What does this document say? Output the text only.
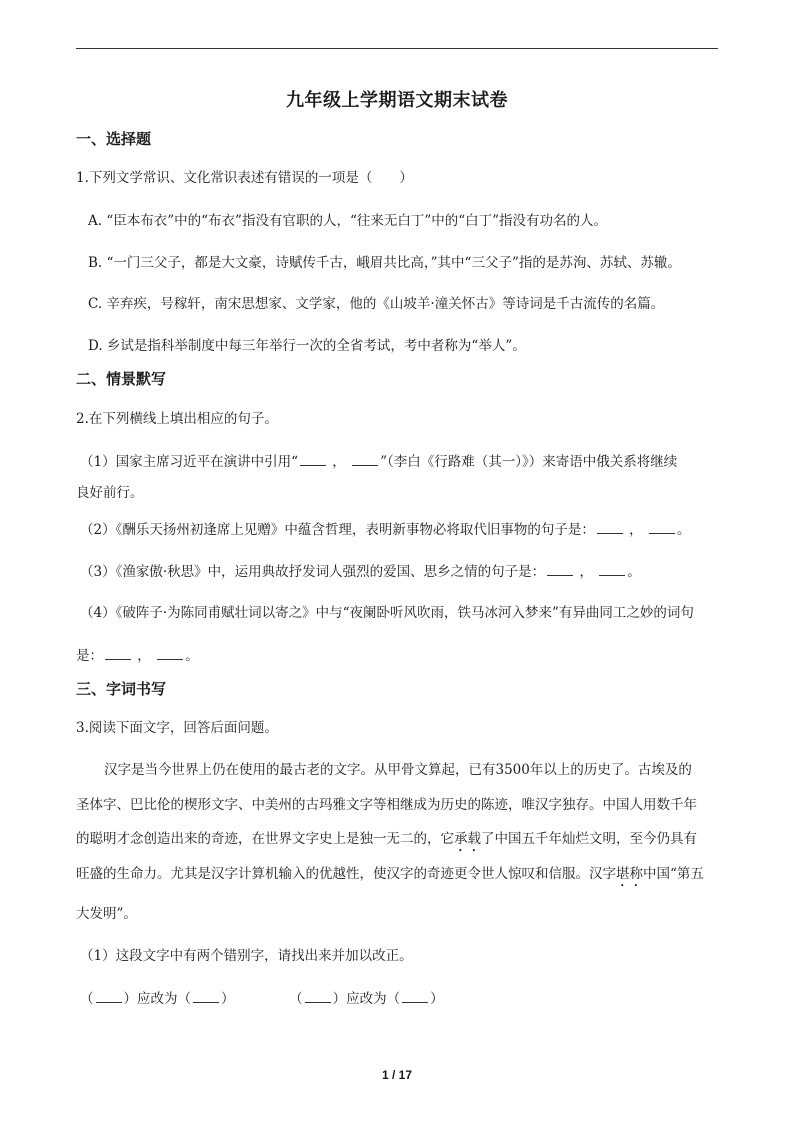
九年级上学期语文期末试卷
一、选择题
1.下列文学常识、文化常识表述有错误的一项是（　　）
A. “臣本布衣”中的“布衣”指没有官职的人，“往来无白丁”中的“白丁”指没有功名的人。
B. “一门三父子，都是大文豪，诗赋传千古，峨眉共比高，”其中“三父子”指的是苏洵、苏轼、苏辙。
C. 辛弃疾，号稼轩，南宋思想家、文学家，他的《山坡羊·潼关怀古》等诗词是千古流传的名篇。
D. 乡试是指科举制度中每三年举行一次的全省考试，考中者称为“举人”。
二、情景默写
2.在下列横线上填出相应的句子。
（1）国家主席习近平在演讲中引用“	，	”（李白《行路难（其一）》）来寄语中俄关系将继续
良好前行。
（2）《酬乐天扬州初逢席上见赠》中蕴含哲理，表明新事物必将取代旧事物的句子是：	，	。
（3）《渔家傲·秋思》中，运用典故抒发词人强烈的爱国、思乡之情的句子是：	，	。
（4）《破阵子·为陈同甫赋壮词以寄之》中与“夜阑卧听风吹雨，铁马冰河入梦来”有异曲同工之妙的词句
是：	，	。
三、字词书写
3.阅读下面文字，回答后面问题。
汉字是当今世界上仍在使用的最古老的文字。从甲骨文算起，已有3500年以上的历史了。古埃及的
圣体字、巴比伦的楔形文字、中美州的古玛雅文字等相继成为历史的陈迹，唯汉字独存。中国人用数千年
的聪明才念创造出来的奇迹，在世界文字史上是独一无二的，它承载了中国五千年灿烂文明，至今仍具有
旺盛的生命力。尤其是汉字计算机输入的优越性，使汉字的奇迹更令世人惊叹和信服。汉字堪称中国“第五
大发明”。
（1）这段文字中有两个错别字，请找出来并加以改正。
（ ）应改为（ ）	（ ）应改为（ ）
1 / 17
